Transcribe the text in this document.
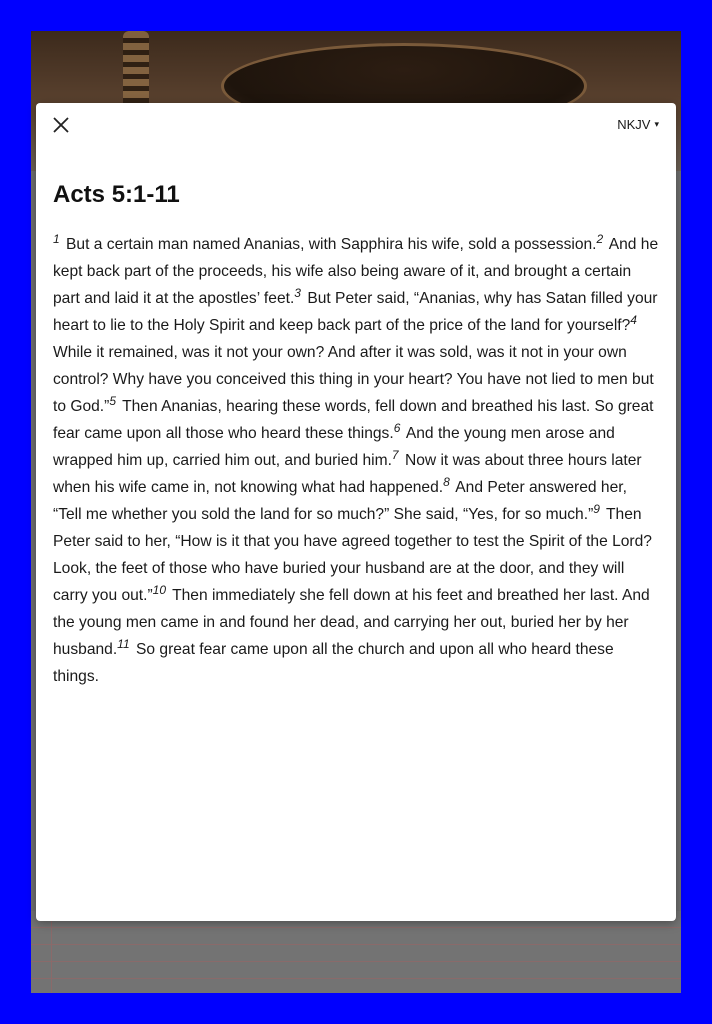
NKJV ▾
Acts 5:1-11

$^1$ But a certain man named Ananias, with Sapphira his wife, sold a possession.$^2$ And he kept back part of the proceeds, his wife also being aware of it, and brought a certain part and laid it at the apostles’ feet.$^3$ But Peter said, “Ananias, why has Satan filled your heart to lie to the Holy Spirit and keep back part of the price of the land for yourself?$^4$ While it remained, was it not your own? And after it was sold, was it not in your own control? Why have you conceived this thing in your heart? You have not lied to men but to God.”$^5$ Then Ananias, hearing these words, fell down and breathed his last. So great fear came upon all those who heard these things.$^6$ And the young men arose and wrapped him up, carried him out, and buried him.$^7$ Now it was about three hours later when his wife came in, not knowing what had happened.$^8$ And Peter answered her, “Tell me whether you sold the land for so much?” She said, “Yes, for so much.”$^9$ Then Peter said to her, “How is it that you have agreed together to test the Spirit of the Lord? Look, the feet of those who have buried your husband are at the door, and they will carry you out.”$^{10}$ Then immediately she fell down at his feet and breathed her last. And the young men came in and found her dead, and carrying her out, buried her by her husband.$^{11}$ So great fear came upon all the church and upon all who heard these things.
